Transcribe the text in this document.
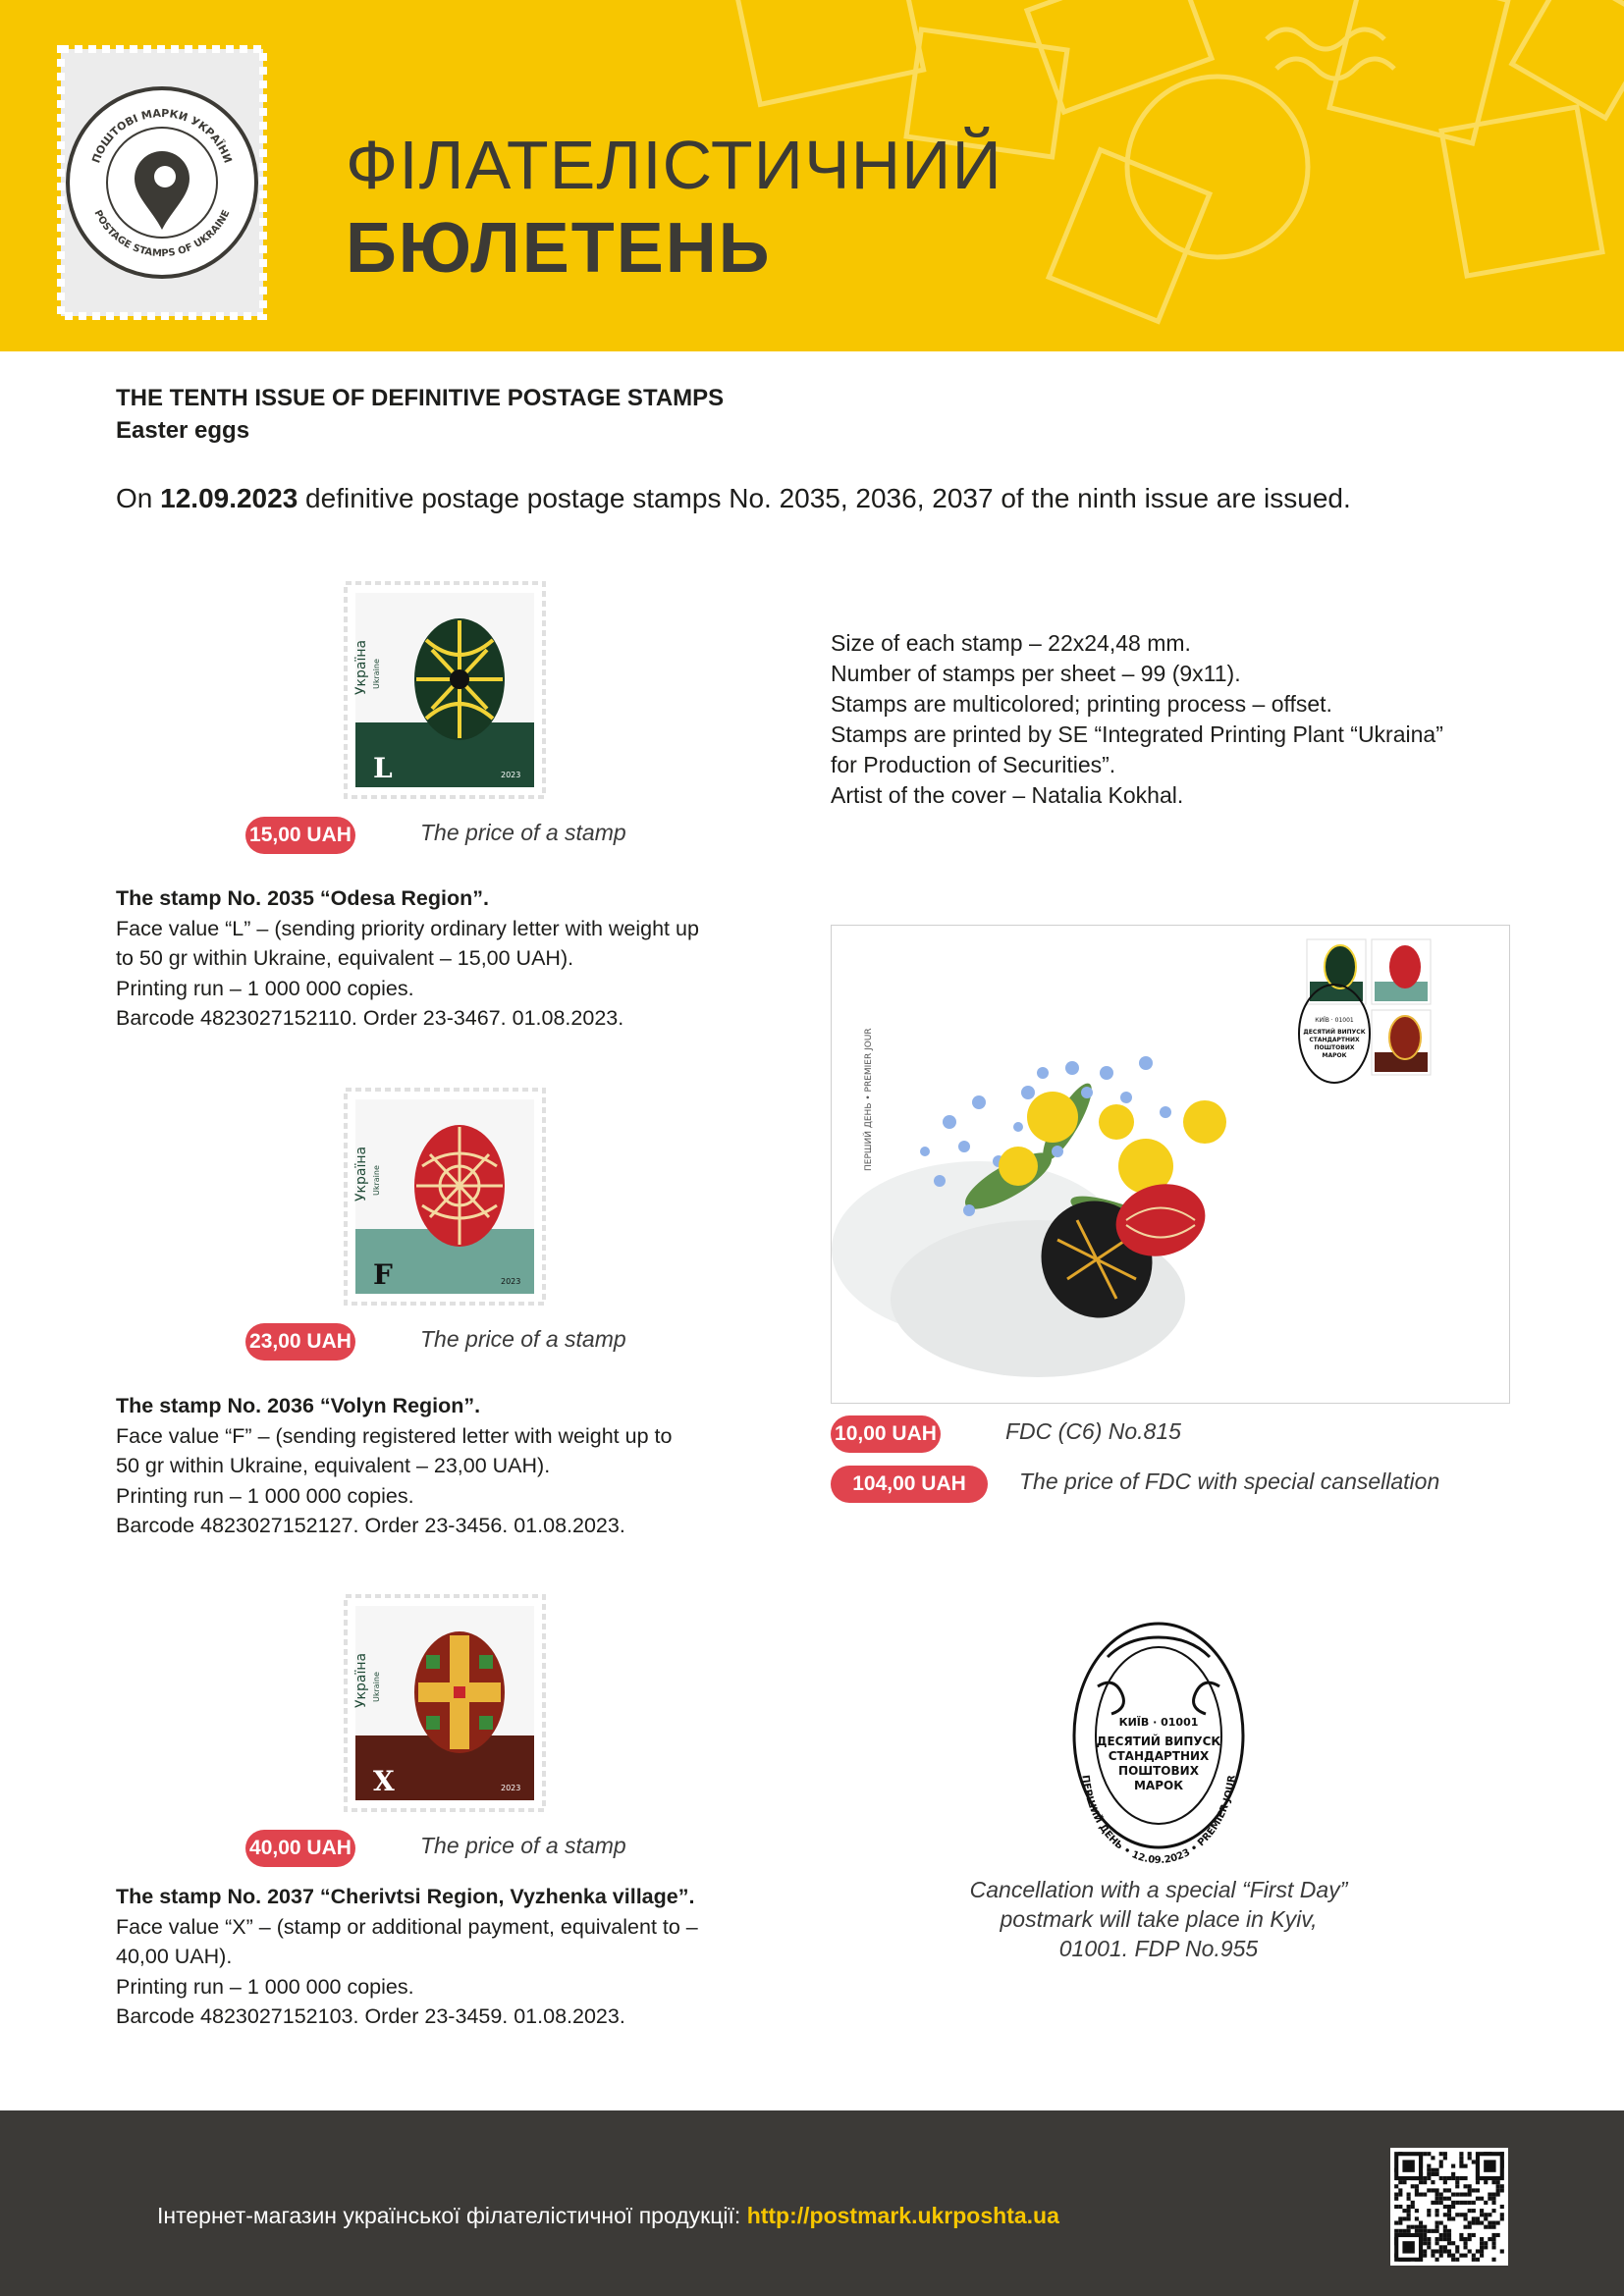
ПОШТОВІ МАРКИ УКРАЇНИ
POSTAGE STAMPS OF UKRAINE
ФІЛАТЕЛІСТИЧНИЙ
БЮЛЕТЕНЬ
THE TENTH ISSUE OF DEFINITIVE POSTAGE STAMPS
Easter eggs
On 12.09.2023 definitive postage postage stamps No. 2035, 2036, 2037 of the ninth issue are issued.
Україна Ukraine
L	2023
15,00 UAH	The price of a stamp
The stamp No. 2035 “Odesa Region”.
Face value “L” – (sending priority ordinary letter with weight up
to 50 gr within Ukraine, equivalent – 15,00 UAH).
Printing run – 1 000 000 copies.
Barcode 4823027152110. Order 23-3467. 01.08.2023.
Україна Ukraine
F	2023
23,00 UAH	The price of a stamp
The stamp No. 2036 “Volyn Region”.
Face value “F” – (sending registered letter with weight up to
50 gr within Ukraine, equivalent – 23,00 UAH).
Printing run – 1 000 000 copies.
Barcode 4823027152127. Order 23-3456. 01.08.2023.
Україна Ukraine
X	2023
40,00 UAH	The price of a stamp
The stamp No. 2037 “Cherivtsi Region, Vyzhenka village”.
Face value “X” – (stamp or additional payment, equivalent to –
40,00 UAH).
Printing run – 1 000 000 copies.
Barcode 4823027152103. Order 23-3459. 01.08.2023.
Size of each stamp – 22x24,48 mm.
Number of stamps per sheet – 99 (9x11).
Stamps are multicolored; printing process – offset.
Stamps are printed by SE “Integrated Printing Plant “Ukraina”
for Production of Securities”.
Artist of the cover – Natalia Kokhal.
ПЕРШИЙ ДЕНЬ • PREMIER JOUR
КИЇВ · 01001
ДЕСЯТИЙ ВИПУСК
СТАНДАРТНИХ
ПОШТОВИХ
МАРОК
10,00 UAH	FDC (C6) No.815
104,00 UAH	The price of FDC with special cansellation
КИЇВ · 01001
ДЕСЯТИЙ ВИПУСК
СТАНДАРТНИХ
ПОШТОВИХ
МАРОК
ПЕРШИЙ ДЕНЬ • 12.09.2023 • PREMIER JOUR
Cancellation with a special “First Day”
postmark will take place in Kyiv,
01001. FDP No.955
Інтернет-магазин української філателістичної продукції: http://postmark.ukrposhta.ua
